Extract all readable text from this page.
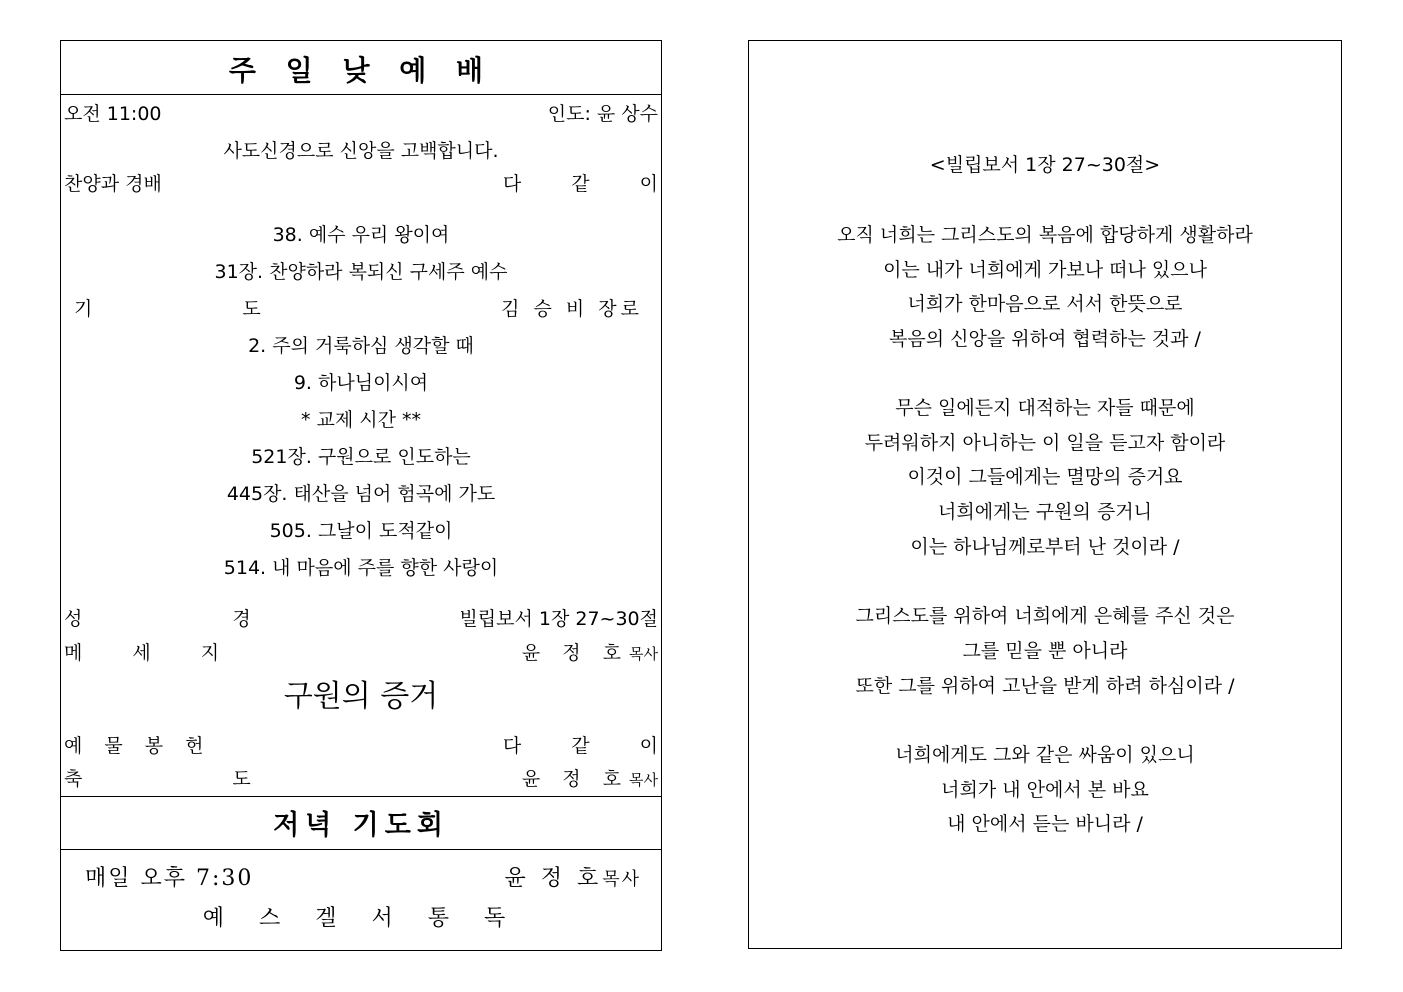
주 일 낮 예 배
오전 11:00	인도: 윤 상수
사도신경으로 신앙을 고백합니다.
찬양과 경배	다 같 이
38. 예수 우리 왕이여
31장. 찬양하라 복되신 구세주 예수
기 도	김 승 비 장로
2. 주의 거룩하심 생각할 때
9. 하나님이시여
* 교제 시간 **
521장. 구원으로 인도하는
445장. 태산을 넘어 험곡에 가도
505. 그날이 도적같이
514. 내 마음에 주를 향한 사랑이
성 경	빌립보서 1장 27~30절
메 세 지	윤 정 호목사
구원의 증거
예 물 봉 헌	다 같 이
축 도	윤 정 호목사
저녁 기도회
매일 오후 7:30	윤 정 호목사
예 스 겔 서 통 독
<빌립보서 1장 27~30절>
오직 너희는 그리스도의 복음에 합당하게 생활하라
이는 내가 너희에게 가보나 떠나 있으나
너희가 한마음으로 서서 한뜻으로
복음의 신앙을 위하여 협력하는 것과 /
무슨 일에든지 대적하는 자들 때문에
두려워하지 아니하는 이 일을 듣고자 함이라
이것이 그들에게는 멸망의 증거요
너희에게는 구원의 증거니
이는 하나님께로부터 난 것이라 /
그리스도를 위하여 너희에게 은혜를 주신 것은
그를 믿을 뿐 아니라
또한 그를 위하여 고난을 받게 하려 하심이라 /
너희에게도 그와 같은 싸움이 있으니
너희가 내 안에서 본 바요
내 안에서 듣는 바니라 /
